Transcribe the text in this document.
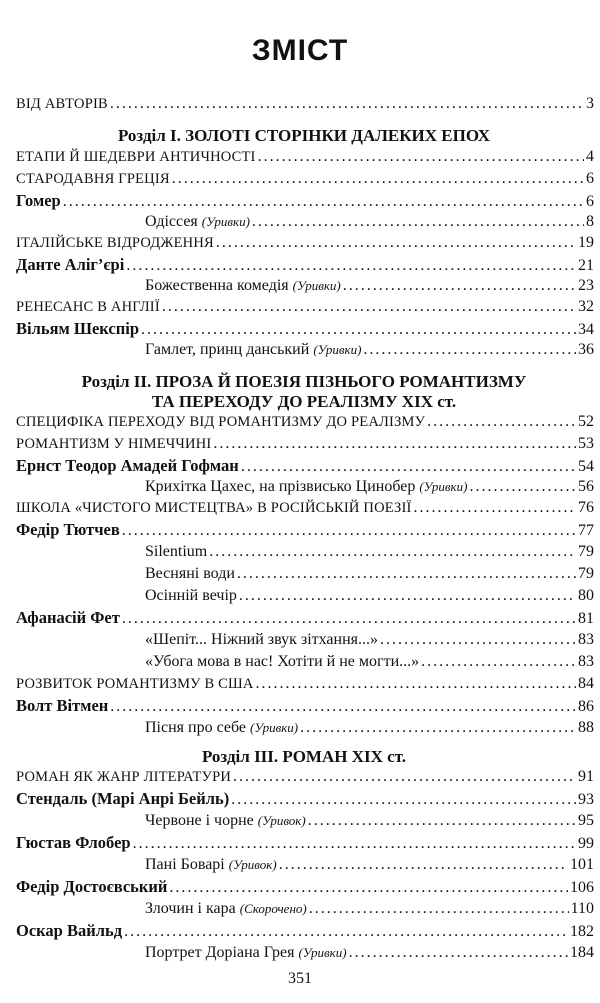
ЗМІСТ
ВІД АВТОРІВ .....	3
Розділ І. ЗОЛОТІ СТОРІНКИ ДАЛЕКИХ ЕПОХ
ЕТАПИ Й ШЕДЕВРИ АНТИЧНОСТІ .....	4
СТАРОДАВНЯ ГРЕЦІЯ .....	6
Гомер .....	6
Одіссея (Уривки) .....	8
ІТАЛІЙСЬКЕ ВІДРОДЖЕННЯ .....	19
Данте Аліг’єрі .....	21
Божественна комедія (Уривки) .....	23
РЕНЕСАНС В АНГЛІЇ .....	32
Вільям Шекспір .....	34
Гамлет, принц данський (Уривки) .....	36
Розділ ІІ. ПРОЗА Й ПОЕЗІЯ ПІЗНЬОГО РОМАНТИЗМУ
ТА ПЕРЕХОДУ ДО РЕАЛІЗМУ XIX ст.
СПЕЦИФІКА ПЕРЕХОДУ ВІД РОМАНТИЗМУ ДО РЕАЛІЗМУ .....	52
РОМАНТИЗМ У НІМЕЧЧИНІ .....	53
Ернст Теодор Амадей Гофман .....	54
Крихітка Цахес, на прізвисько Цинобер (Уривки) .....	56
ШКОЛА «ЧИСТОГО МИСТЕЦТВА» В РОСІЙСЬКІЙ ПОЕЗІЇ .....	76
Федір Тютчев .....	77
Silentium .....	79
Весняні води .....	79
Осінній вечір .....	80
Афанасій Фет .....	81
«Шепіт... Ніжний звук зітхання...» .....	83
«Убога мова в нас! Хотіти й не могти...» .....	83
РОЗВИТОК РОМАНТИЗМУ В США .....	84
Волт Вітмен .....	86
Пісня про себе (Уривки) .....	88
Розділ ІІІ. РОМАН XIX ст.
РОМАН ЯК ЖАНР ЛІТЕРАТУРИ .....	91
Стендаль (Марі Анрі Бейль) .....	93
Червоне і чорне (Уривок) .....	95
Гюстав Флобер .....	99
Пані Боварі (Уривок) .....	101
Федір Достоєвський .....	106
Злочин і кара (Скорочено) .....	110
Оскар Вайльд .....	182
Портрет Доріана Грея (Уривки) .....	184
351
